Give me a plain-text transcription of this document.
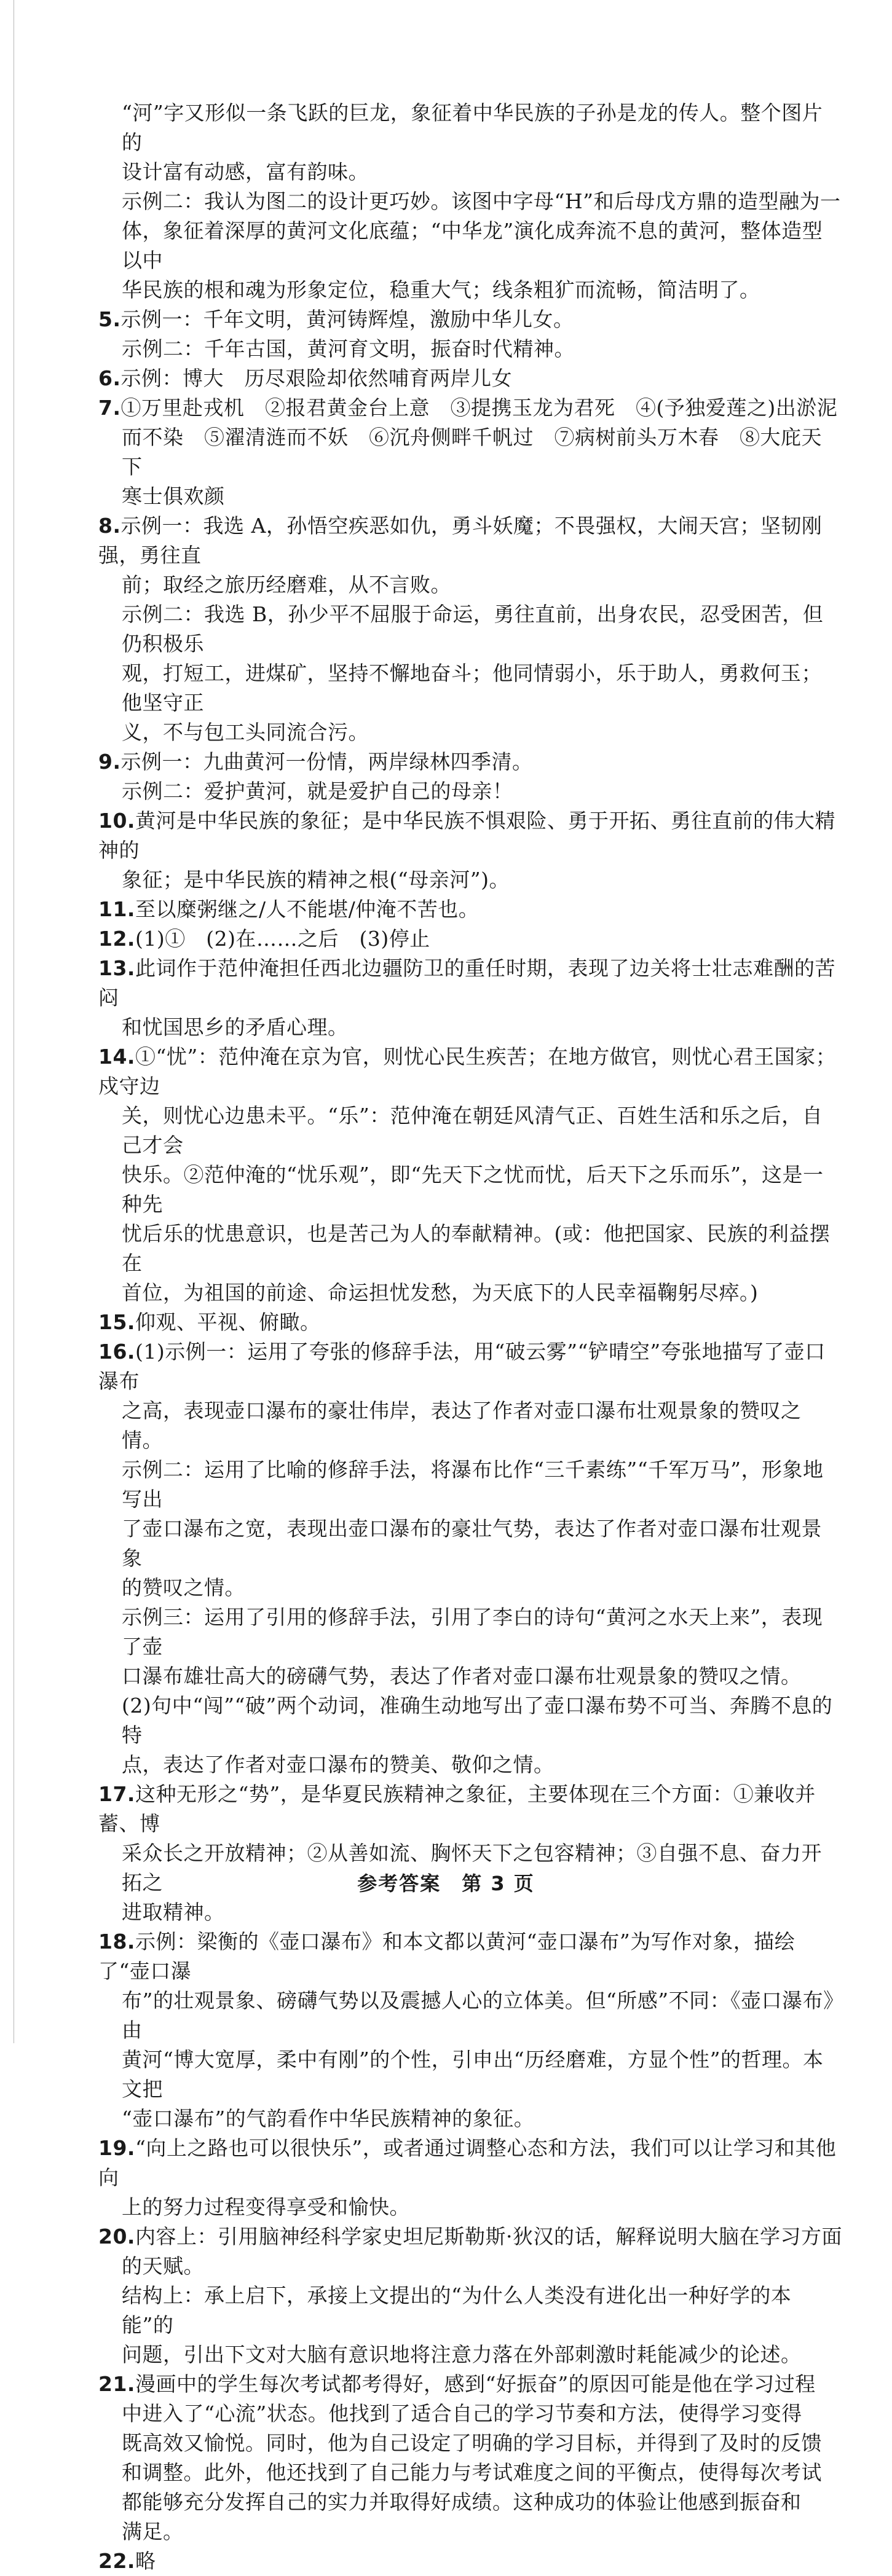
“河”字又形似一条飞跃的巨龙，象征着中华民族的子孙是龙的传人。整个图片的
设计富有动感，富有韵味。
示例二：我认为图二的设计更巧妙。该图中字母“H”和后母戊方鼎的造型融为一
体，象征着深厚的黄河文化底蕴；“中华龙”演化成奔流不息的黄河，整体造型以中
华民族的根和魂为形象定位，稳重大气；线条粗犷而流畅，简洁明了。
5.示例一：千年文明，黄河铸辉煌，激励中华儿女。
示例二：千年古国，黄河育文明，振奋时代精神。
6.示例：博大　历尽艰险却依然哺育两岸儿女
7.①万里赴戎机　②报君黄金台上意　③提携玉龙为君死　④(予独爱莲之)出淤泥
而不染　⑤濯清涟而不妖　⑥沉舟侧畔千帆过　⑦病树前头万木春　⑧大庇天下
寒士俱欢颜
8.示例一：我选 A，孙悟空疾恶如仇，勇斗妖魔；不畏强权，大闹天宫；坚韧刚强，勇往直
前；取经之旅历经磨难，从不言败。
示例二：我选 B，孙少平不屈服于命运，勇往直前，出身农民，忍受困苦，但仍积极乐
观，打短工，进煤矿，坚持不懈地奋斗；他同情弱小，乐于助人，勇救何玉；他坚守正
义，不与包工头同流合污。
9.示例一：九曲黄河一份情，两岸绿林四季清。
示例二：爱护黄河，就是爱护自己的母亲！
10.黄河是中华民族的象征；是中华民族不惧艰险、勇于开拓、勇往直前的伟大精神的
象征；是中华民族的精神之根(“母亲河”)。
11.至以糜粥继之/人不能堪/仲淹不苦也。
12.(1)①　(2)在……之后　(3)停止
13.此词作于范仲淹担任西北边疆防卫的重任时期，表现了边关将士壮志难酬的苦闷
和忧国思乡的矛盾心理。
14.①“忧”：范仲淹在京为官，则忧心民生疾苦；在地方做官，则忧心君王国家；戍守边
关，则忧心边患未平。“乐”：范仲淹在朝廷风清气正、百姓生活和乐之后，自己才会
快乐。②范仲淹的“忧乐观”，即“先天下之忧而忧，后天下之乐而乐”，这是一种先
忧后乐的忧患意识，也是苦己为人的奉献精神。(或：他把国家、民族的利益摆在
首位，为祖国的前途、命运担忧发愁，为天底下的人民幸福鞠躬尽瘁。)
15.仰观、平视、俯瞰。
16.(1)示例一：运用了夸张的修辞手法，用“破云雾”“铲晴空”夸张地描写了壶口瀑布
之高，表现壶口瀑布的豪壮伟岸，表达了作者对壶口瀑布壮观景象的赞叹之情。
示例二：运用了比喻的修辞手法，将瀑布比作“三千素练”“千军万马”，形象地写出
了壶口瀑布之宽，表现出壶口瀑布的豪壮气势，表达了作者对壶口瀑布壮观景象
的赞叹之情。
示例三：运用了引用的修辞手法，引用了李白的诗句“黄河之水天上来”，表现了壶
口瀑布雄壮高大的磅礴气势，表达了作者对壶口瀑布壮观景象的赞叹之情。
(2)句中“闯”“破”两个动词，准确生动地写出了壶口瀑布势不可当、奔腾不息的特
点，表达了作者对壶口瀑布的赞美、敬仰之情。
17.这种无形之“势”，是华夏民族精神之象征，主要体现在三个方面：①兼收并蓄、博
采众长之开放精神；②从善如流、胸怀天下之包容精神；③自强不息、奋力开拓之
进取精神。
18.示例：梁衡的《壶口瀑布》和本文都以黄河“壶口瀑布”为写作对象，描绘了“壶口瀑
布”的壮观景象、磅礴气势以及震撼人心的立体美。但“所感”不同：《壶口瀑布》由
黄河“博大宽厚，柔中有刚”的个性，引申出“历经磨难，方显个性”的哲理。本文把
“壶口瀑布”的气韵看作中华民族精神的象征。
19.“向上之路也可以很快乐”，或者通过调整心态和方法，我们可以让学习和其他向
上的努力过程变得享受和愉快。
20.内容上：引用脑神经科学家史坦尼斯勒斯·狄汉的话，解释说明大脑在学习方面
的天赋。
结构上：承上启下，承接上文提出的“为什么人类没有进化出一种好学的本能”的
问题，引出下文对大脑有意识地将注意力落在外部刺激时耗能减少的论述。
21.漫画中的学生每次考试都考得好，感到“好振奋”的原因可能是他在学习过程
中进入了“心流”状态。他找到了适合自己的学习节奏和方法，使得学习变得
既高效又愉悦。同时，他为自己设定了明确的学习目标，并得到了及时的反馈
和调整。此外，他还找到了自己能力与考试难度之间的平衡点，使得每次考试
都能够充分发挥自己的实力并取得好成绩。这种成功的体验让他感到振奋和
满足。
22.略
参考答案　第 3 页
